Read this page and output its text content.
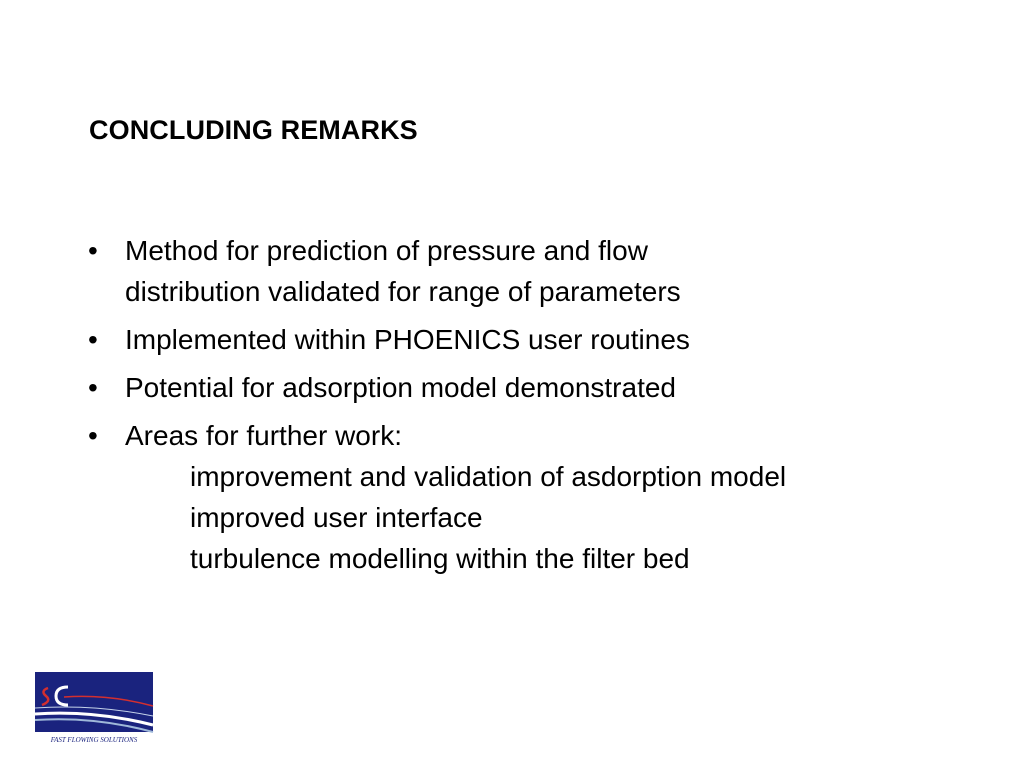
CONCLUDING REMARKS
• Method for prediction of pressure and flow
distribution validated for range of parameters
• Implemented within PHOENICS user routines
• Potential for adsorption model demonstrated
• Areas for further work:
improvement and validation of asdorption model
improved user interface
turbulence modelling within the filter bed
FAST FLOWING SOLUTIONS
